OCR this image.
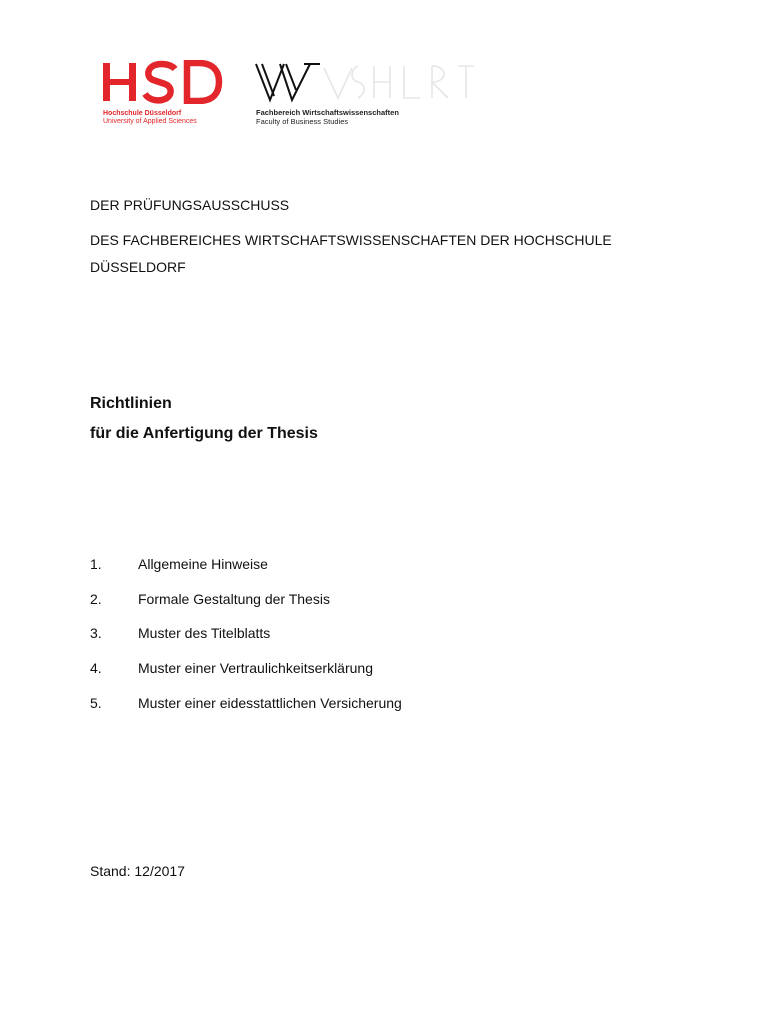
Hochschule Düsseldorf
University of Applied Sciences
Fachbereich Wirtschaftswissenschaften
Faculty of Business Studies
DER PRÜFUNGSAUSSCHUSS
DES FACHBEREICHES WIRTSCHAFTSWISSENSCHAFTEN DER HOCHSCHULE
DÜSSELDORF
Richtlinien
für die Anfertigung der Thesis
1.	Allgemeine Hinweise
2.	Formale Gestaltung der Thesis
3.	Muster des Titelblatts
4.	Muster einer Vertraulichkeitserklärung
5.	Muster einer eidesstattlichen Versicherung
Stand: 12/2017
